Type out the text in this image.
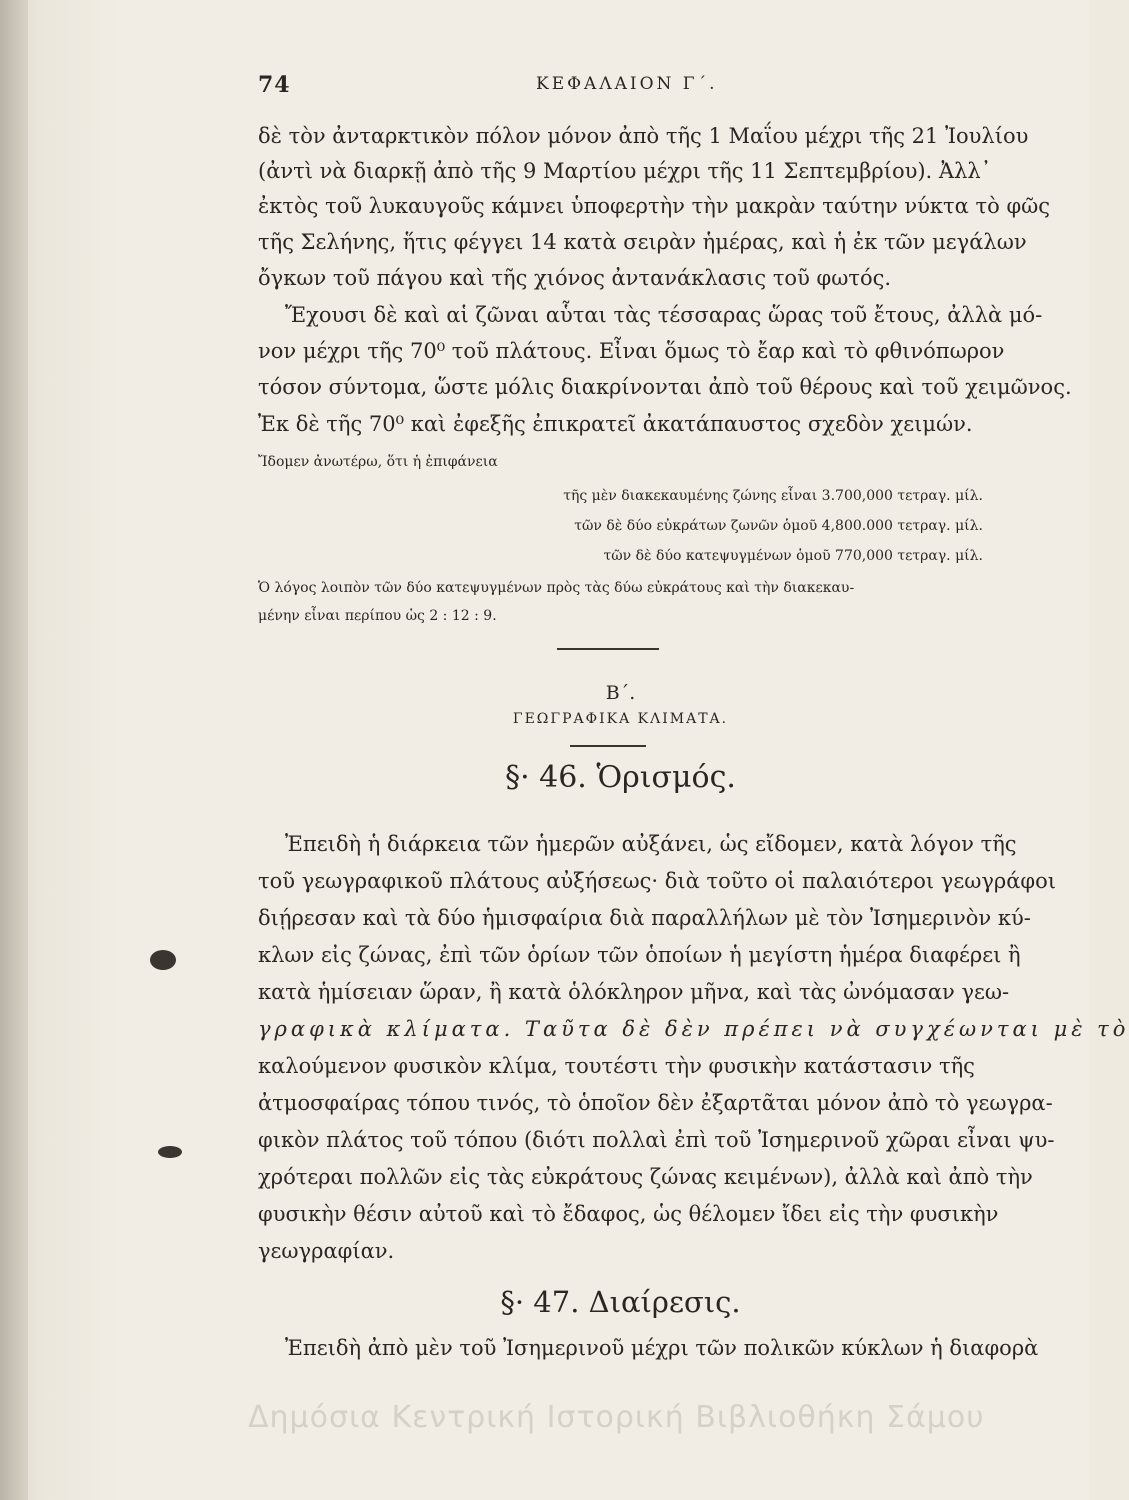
74	ΚΕΦΑΛΑΙΟΝ Γ΄.
δὲ τὸν ἀνταρκτικὸν πόλον μόνον ἀπὸ τῆς 1 Μαΐου μέχρι τῆς 21 Ἰουλίου
(ἀντὶ νὰ διαρκῇ ἀπὸ τῆς 9 Μαρτίου μέχρι τῆς 11 Σεπτεμβρίου). Ἀλλ᾿
ἐκτὸς τοῦ λυκαυγοῦς κάμνει ὑποφερτὴν τὴν μακρὰν ταύτην νύκτα τὸ φῶς
τῆς Σελήνης, ἥτις φέγγει 14 κατὰ σειρὰν ἡμέρας, καὶ ἡ ἐκ τῶν μεγάλων
ὄγκων τοῦ πάγου καὶ τῆς χιόνος ἀντανάκλασις τοῦ φωτός.
Ἔχουσι δὲ καὶ αἱ ζῶναι αὗται τὰς τέσσαρας ὥρας τοῦ ἔτους, ἀλλὰ μό-
νον μέχρι τῆς 70⁰ τοῦ πλάτους. Εἶναι ὅμως τὸ ἔαρ καὶ τὸ φθινόπωρον
τόσον σύντομα, ὥστε μόλις διακρίνονται ἀπὸ τοῦ θέρους καὶ τοῦ χειμῶνος.
Ἐκ δὲ τῆς 70⁰ καὶ ἐφεξῆς ἐπικρατεῖ ἀκατάπαυστος σχεδὸν χειμών.
Ἴδομεν ἀνωτέρω, ὅτι ἡ ἐπιφάνεια
τῆς μὲν διακεκαυμένης ζώνης εἶναι 3.700,000 τετραγ. μίλ.
τῶν δὲ δύο εὐκράτων ζωνῶν ὁμοῦ 4,800.000 τετραγ. μίλ.
τῶν δὲ δύο κατεψυγμένων ὁμοῦ 770,000 τετραγ. μίλ.
Ὁ λόγος λοιπὸν τῶν δύο κατεψυγμένων πρὸς τὰς δύω εὐκράτους καὶ τὴν διακεκαυ-
μένην εἶναι περίπου ὡς 2 : 12 : 9.
Β΄.
ΓΕΩΓΡΑΦΙΚΑ ΚΛΙΜΑΤΑ.
§· 46. Ὁρισμός.
Ἐπειδὴ ἡ διάρκεια τῶν ἡμερῶν αὐξάνει, ὡς εἴδομεν, κατὰ λόγον τῆς
τοῦ γεωγραφικοῦ πλάτους αὐξήσεως· διὰ τοῦτο οἱ παλαιότεροι γεωγράφοι
διῄρεσαν καὶ τὰ δύο ἡμισφαίρια διὰ παραλλήλων μὲ τὸν Ἰσημερινὸν κύ-
κλων εἰς ζώνας, ἐπὶ τῶν ὁρίων τῶν ὁποίων ἡ μεγίστη ἡμέρα διαφέρει ἢ
κατὰ ἡμίσειαν ὥραν, ἢ κατὰ ὁλόκληρον μῆνα, καὶ τὰς ὠνόμασαν γεω-
γραφικὰ κλίματα. Ταῦτα δὲ δὲν πρέπει νὰ συγχέωνται μὲ τὸ
καλούμενον φυσικὸν κλίμα, τουτέστι τὴν φυσικὴν κατάστασιν τῆς
ἀτμοσφαίρας τόπου τινός, τὸ ὁποῖον δὲν ἐξαρτᾶται μόνον ἀπὸ τὸ γεωγρα-
φικὸν πλάτος τοῦ τόπου (διότι πολλαὶ ἐπὶ τοῦ Ἰσημερινοῦ χῶραι εἶναι ψυ-
χρότεραι πολλῶν εἰς τὰς εὐκράτους ζώνας κειμένων), ἀλλὰ καὶ ἀπὸ τὴν
φυσικὴν θέσιν αὐτοῦ καὶ τὸ ἔδαφος, ὡς θέλομεν ἴδει εἰς τὴν φυσικὴν
γεωγραφίαν.
§· 47. Διαίρεσις.
Ἐπειδὴ ἀπὸ μὲν τοῦ Ἰσημερινοῦ μέχρι τῶν πολικῶν κύκλων ἡ διαφορὰ
Δημόσια Κεντρική Ιστορική Βιβλιοθήκη Σάμου
